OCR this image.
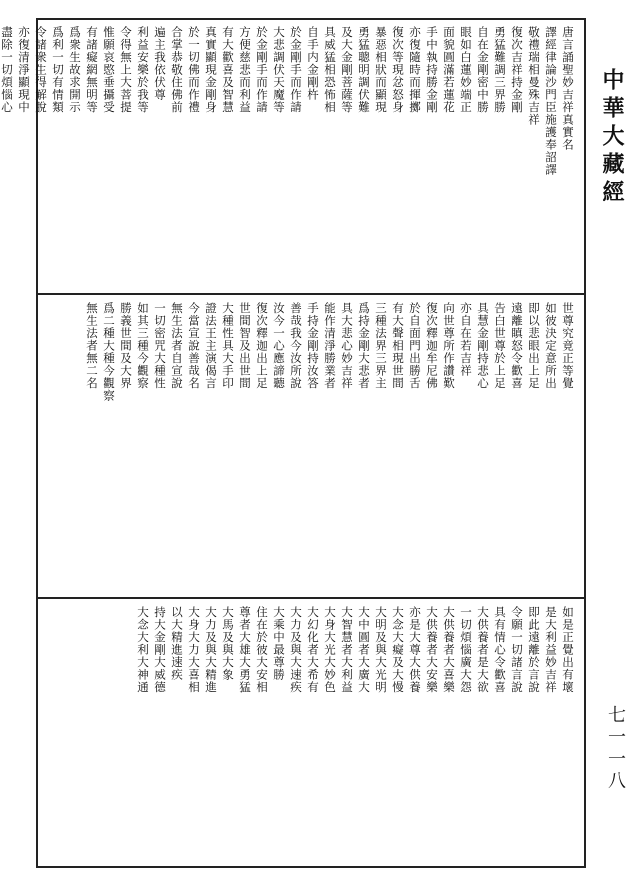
中華大藏經
七一一八
唐言誦聖妙吉祥真實名
譯經律論沙門臣施護奉詔譯
敬禮瑞相曼殊吉祥
復次吉祥持金剛
勇猛難調三界勝
自在金剛密中勝
眼如白蓮妙端正
面貌圓滿若蓮花
手中執持勝金剛
亦復隨時而揮擲
復次等現忿怒身
暴惡相狀而顯現
勇猛聰明調伏難
及大金剛菩薩等
具威猛相恐怖相
自手内金剛杵
於金剛手而作請
大悲調伏天魔等
於金剛手而作請
方便慈悲而利益
有大歡喜及智慧
真實顯現金剛身
於一切佛而作禮
合掌恭敬住佛前
遍主我依伏尊
利益安樂於我等
令得無上大菩提
惟願哀愍垂攝受
有諸癡網無明等
爲衆生故求開示
爲利一切有情類
令諸衆生得解脫
亦復清淨顯現中
盡除一切煩惱心
世尊究竟正等覺
如彼決定意所出
即以悲眼出上足
遠離瞋怒令歡喜
告白世尊於上足
具慧金剛持悲心
亦自在若吉祥
向世尊所作讚歎
復次釋迦牟尼佛
於自面門出勝舌
有大聲相現世間
三種法界三界主
爲持金剛大悲者
具大悲心妙吉祥
能作清淨勝業者
手持金剛持汝答
善哉我今汝所說
汝今一心應諦聽
復次釋迦出上足
世間智及出世間
大種性具大手印
證法王主演偈言
今當宣說善哉名
無生法者自宣說
一切密咒大種性
如其三種今觀察
勝義世間及大界
爲二種大種今觀察
無生法者無二名
如是正覺出有壞
是大利益妙吉祥
即此遠離於言說
令願一切諸言說
具有情心令歡喜
大供養者是大欲
一切煩惱廣大怨
大供養者大喜樂
大供養者大安樂
亦是大尊大供養
大念大癡及大慢
大明及與大光明
大中圓者大廣大
大智慧者大利益
大身大光大妙色
大幻化者大希有
大力及與大速疾
大乘中最尊勝
住在於彼大安相
尊者大雄大勇猛
大馬及與大象
大力及與大精進
大身大力大喜相
以大精進速疾
持大金剛大威德
大念大利大神通
